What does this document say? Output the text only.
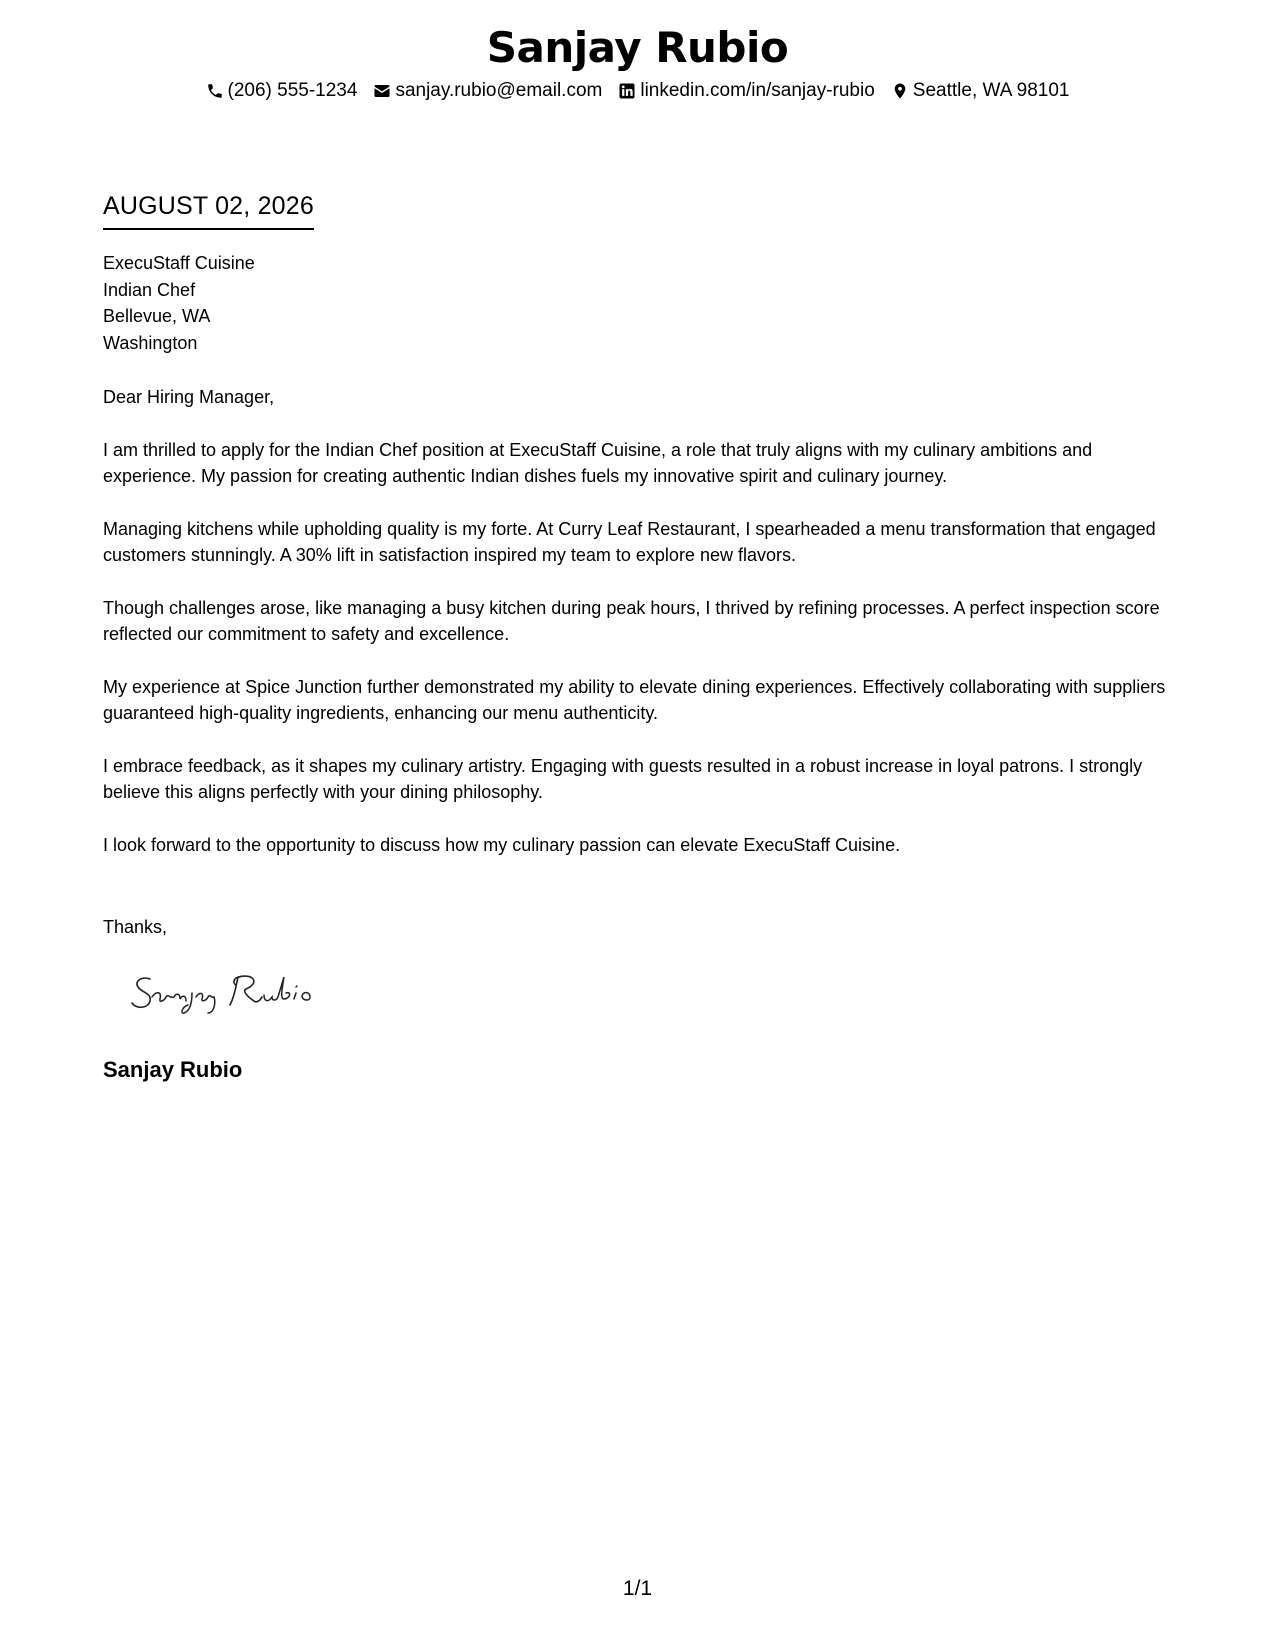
Sanjay Rubio
(206) 555-1234 sanjay.rubio@email.com linkedin.com/in/sanjay-rubio Seattle, WA 98101
AUGUST 02, 2026
ExecuStaff Cuisine
Indian Chef
Bellevue, WA
Washington

Dear Hiring Manager,

I am thrilled to apply for the Indian Chef position at ExecuStaff Cuisine, a role that truly aligns with my culinary ambitions and experience. My passion for creating authentic Indian dishes fuels my innovative spirit and culinary journey.

Managing kitchens while upholding quality is my forte. At Curry Leaf Restaurant, I spearheaded a menu transformation that engaged customers stunningly. A 30% lift in satisfaction inspired my team to explore new flavors.

Though challenges arose, like managing a busy kitchen during peak hours, I thrived by refining processes. A perfect inspection score reflected our commitment to safety and excellence.

My experience at Spice Junction further demonstrated my ability to elevate dining experiences. Effectively collaborating with suppliers guaranteed high-quality ingredients, enhancing our menu authenticity.

I embrace feedback, as it shapes my culinary artistry. Engaging with guests resulted in a robust increase in loyal patrons. I strongly believe this aligns perfectly with your dining philosophy.

I look forward to the opportunity to discuss how my culinary passion can elevate ExecuStaff Cuisine.

Thanks,
Sanjay Rubio
1/1
